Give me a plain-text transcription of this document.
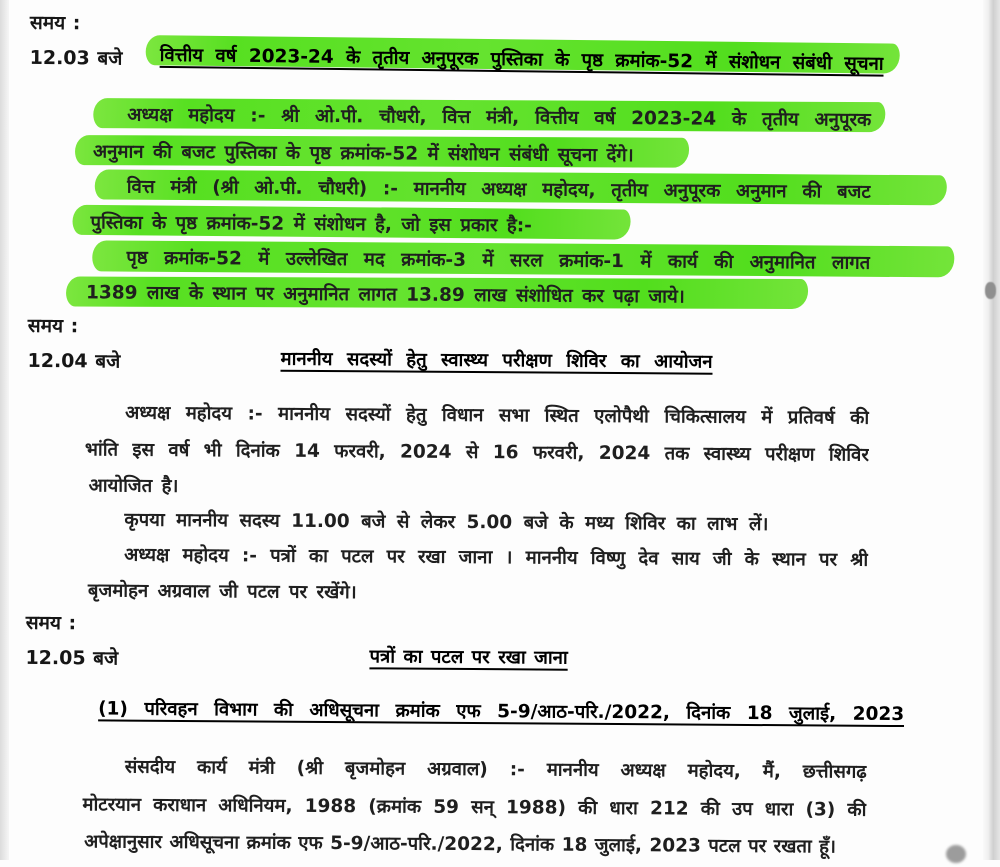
समय :
12.03 बजे वित्तीय वर्ष 2023-24 के तृतीय अनुपूरक पुस्तिका के पृष्ठ क्रमांक-52 में संशोधन संबंधी सूचना
अध्यक्ष महोदय :- श्री ओ.पी. चौधरी, वित्त मंत्री, वित्तीय वर्ष 2023-24 के तृतीय अनुपूरक
अनुमान की बजट पुस्तिका के पृष्ठ क्रमांक-52 में संशोधन संबंधी सूचना देंगे।
वित्त मंत्री (श्री ओ.पी. चौधरी) :- माननीय अध्यक्ष महोदय, तृतीय अनुपूरक अनुमान की बजट
पुस्तिका के पृष्ठ क्रमांक-52 में संशोधन है, जो इस प्रकार है:-
पृष्ठ क्रमांक-52 में उल्लेखित मद क्रमांक-3 में सरल क्रमांक-1 में कार्य की अनुमानित लागत
1389 लाख के स्थान पर अनुमानित लागत 13.89 लाख संशोधित कर पढ़ा जाये।
समय :
12.04 बजे	माननीय सदस्यों हेतु स्वास्थ्य परीक्षण शिविर का आयोजन
अध्यक्ष महोदय :- माननीय सदस्यों हेतु विधान सभा स्थित एलोपैथी चिकित्सालय में प्रतिवर्ष की
भांति इस वर्ष भी दिनांक 14 फरवरी, 2024 से 16 फरवरी, 2024 तक स्वास्थ्य परीक्षण शिविर
आयोजित है।
कृपया माननीय सदस्य 11.00 बजे से लेकर 5.00 बजे के मध्य शिविर का लाभ लें।
अध्यक्ष महोदय :- पत्रों का पटल पर रखा जाना । माननीय विष्णु देव साय जी के स्थान पर श्री
बृजमोहन अग्रवाल जी पटल पर रखेंगे।
समय :
12.05 बजे	पत्रों का पटल पर रखा जाना
(1) परिवहन विभाग की अधिसूचना क्रमांक एफ 5-9/आठ-परि./2022, दिनांक 18 जुलाई, 2023
संसदीय कार्य मंत्री (श्री बृजमोहन अग्रवाल) :- माननीय अध्यक्ष महोदय, मैं, छत्तीसगढ़
मोटरयान कराधान अधिनियम, 1988 (क्रमांक 59 सन् 1988) की धारा 212 की उप धारा (3) की
अपेक्षानुसार अधिसूचना क्रमांक एफ 5-9/आठ-परि./2022, दिनांक 18 जुलाई, 2023 पटल पर रखता हूँ।
